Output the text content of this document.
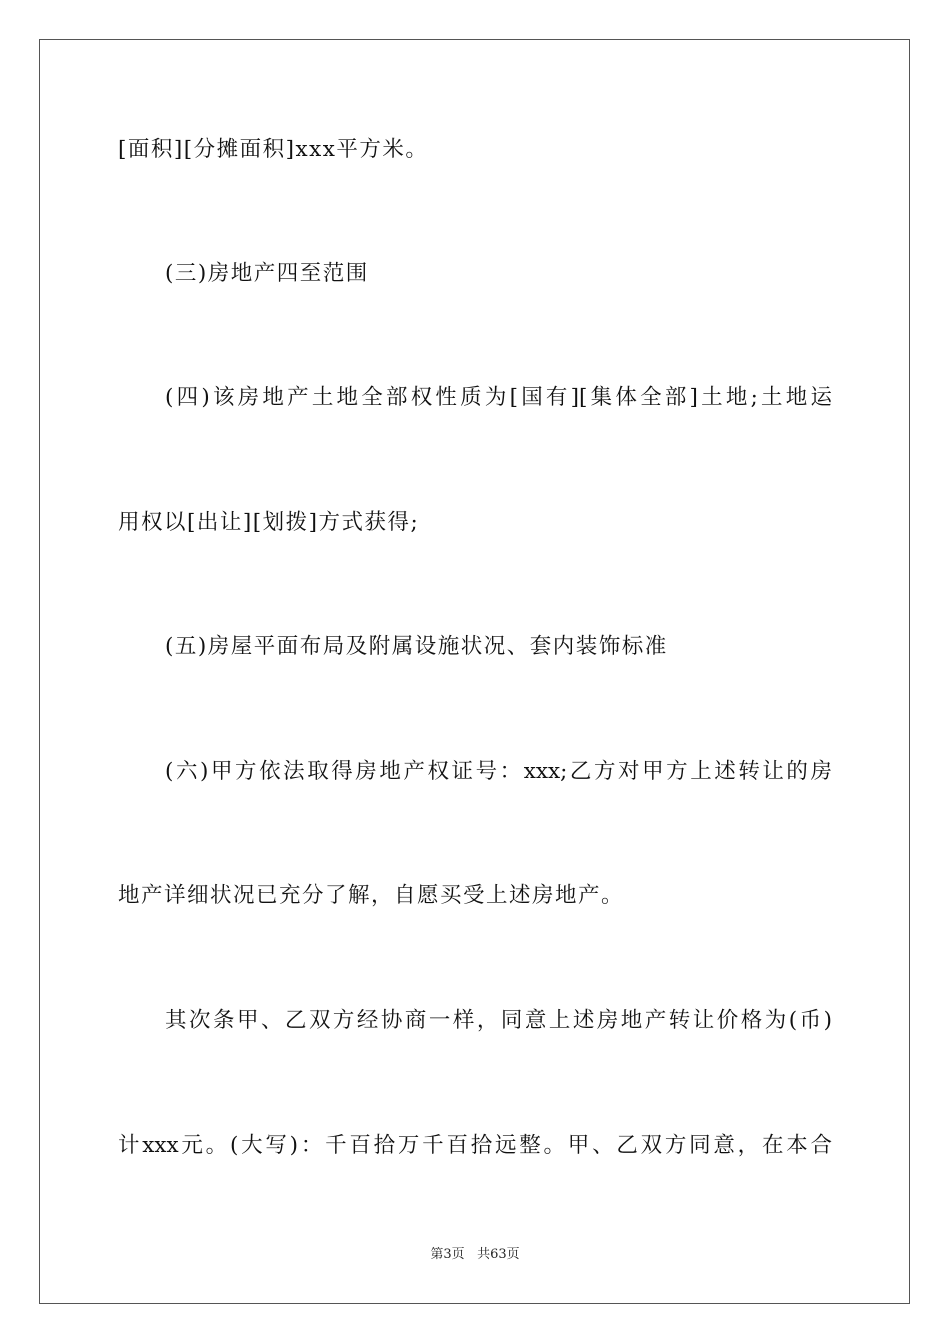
[面积][分摊面积]xxx平方米。
(三)房地产四至范围
(四)该房地产土地全部权性质为[国有][集体全部]土地;土地运
用权以[出让][划拨]方式获得;
(五)房屋平面布局及附属设施状况、套内装饰标准
(六)甲方依法取得房地产权证号：xxx;乙方对甲方上述转让的房
地产详细状况已充分了解，自愿买受上述房地产。
其次条甲、乙双方经协商一样，同意上述房地产转让价格为(币)
计xxx元。(大写)：千百拾万千百拾远整。甲、乙双方同意，在本合
第3页 共63页
